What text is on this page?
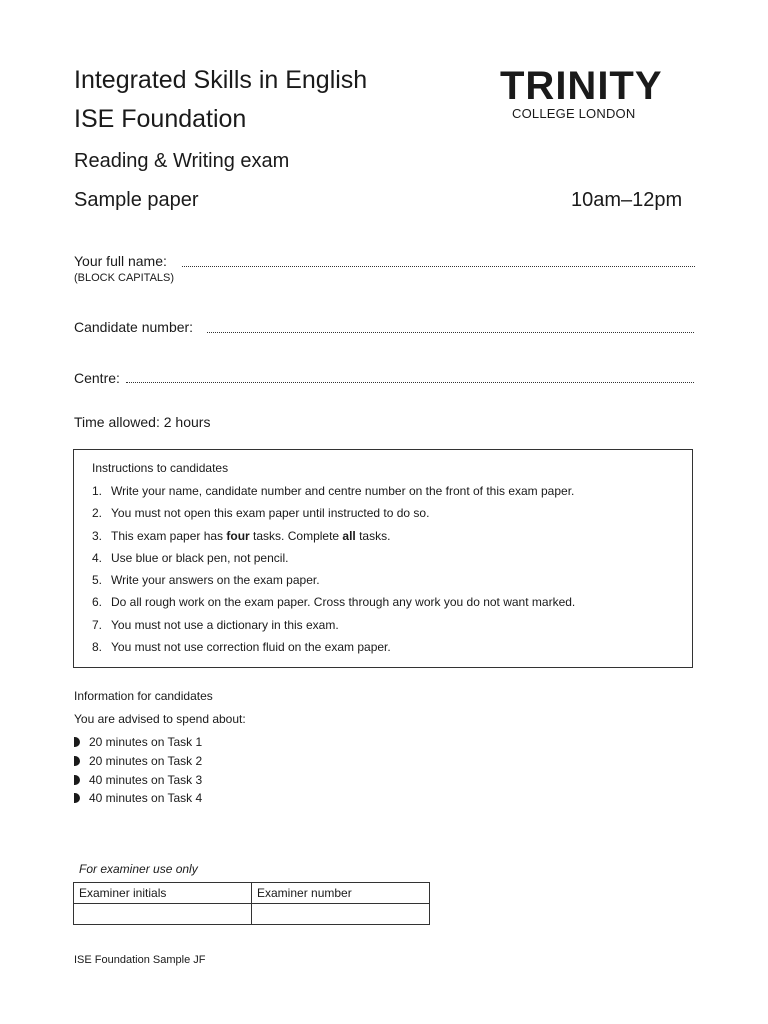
Integrated Skills in English
ISE Foundation
Reading & Writing exam
Sample paper	10am–12pm
TRINITY
COLLEGE LONDON
Your full name:
(BLOCK CAPITALS)
Candidate number:
Centre:
Time allowed: 2 hours
Instructions to candidates
1. Write your name, candidate number and centre number on the front of this exam paper.
2. You must not open this exam paper until instructed to do so.
3. This exam paper has four tasks. Complete all tasks.
4. Use blue or black pen, not pencil.
5. Write your answers on the exam paper.
6. Do all rough work on the exam paper. Cross through any work you do not want marked.
7. You must not use a dictionary in this exam.
8. You must not use correction fluid on the exam paper.
Information for candidates
You are advised to spend about:
20 minutes on Task 1
20 minutes on Task 2
40 minutes on Task 3
40 minutes on Task 4
For examiner use only
Examiner initials	Examiner number

ISE Foundation Sample JF
